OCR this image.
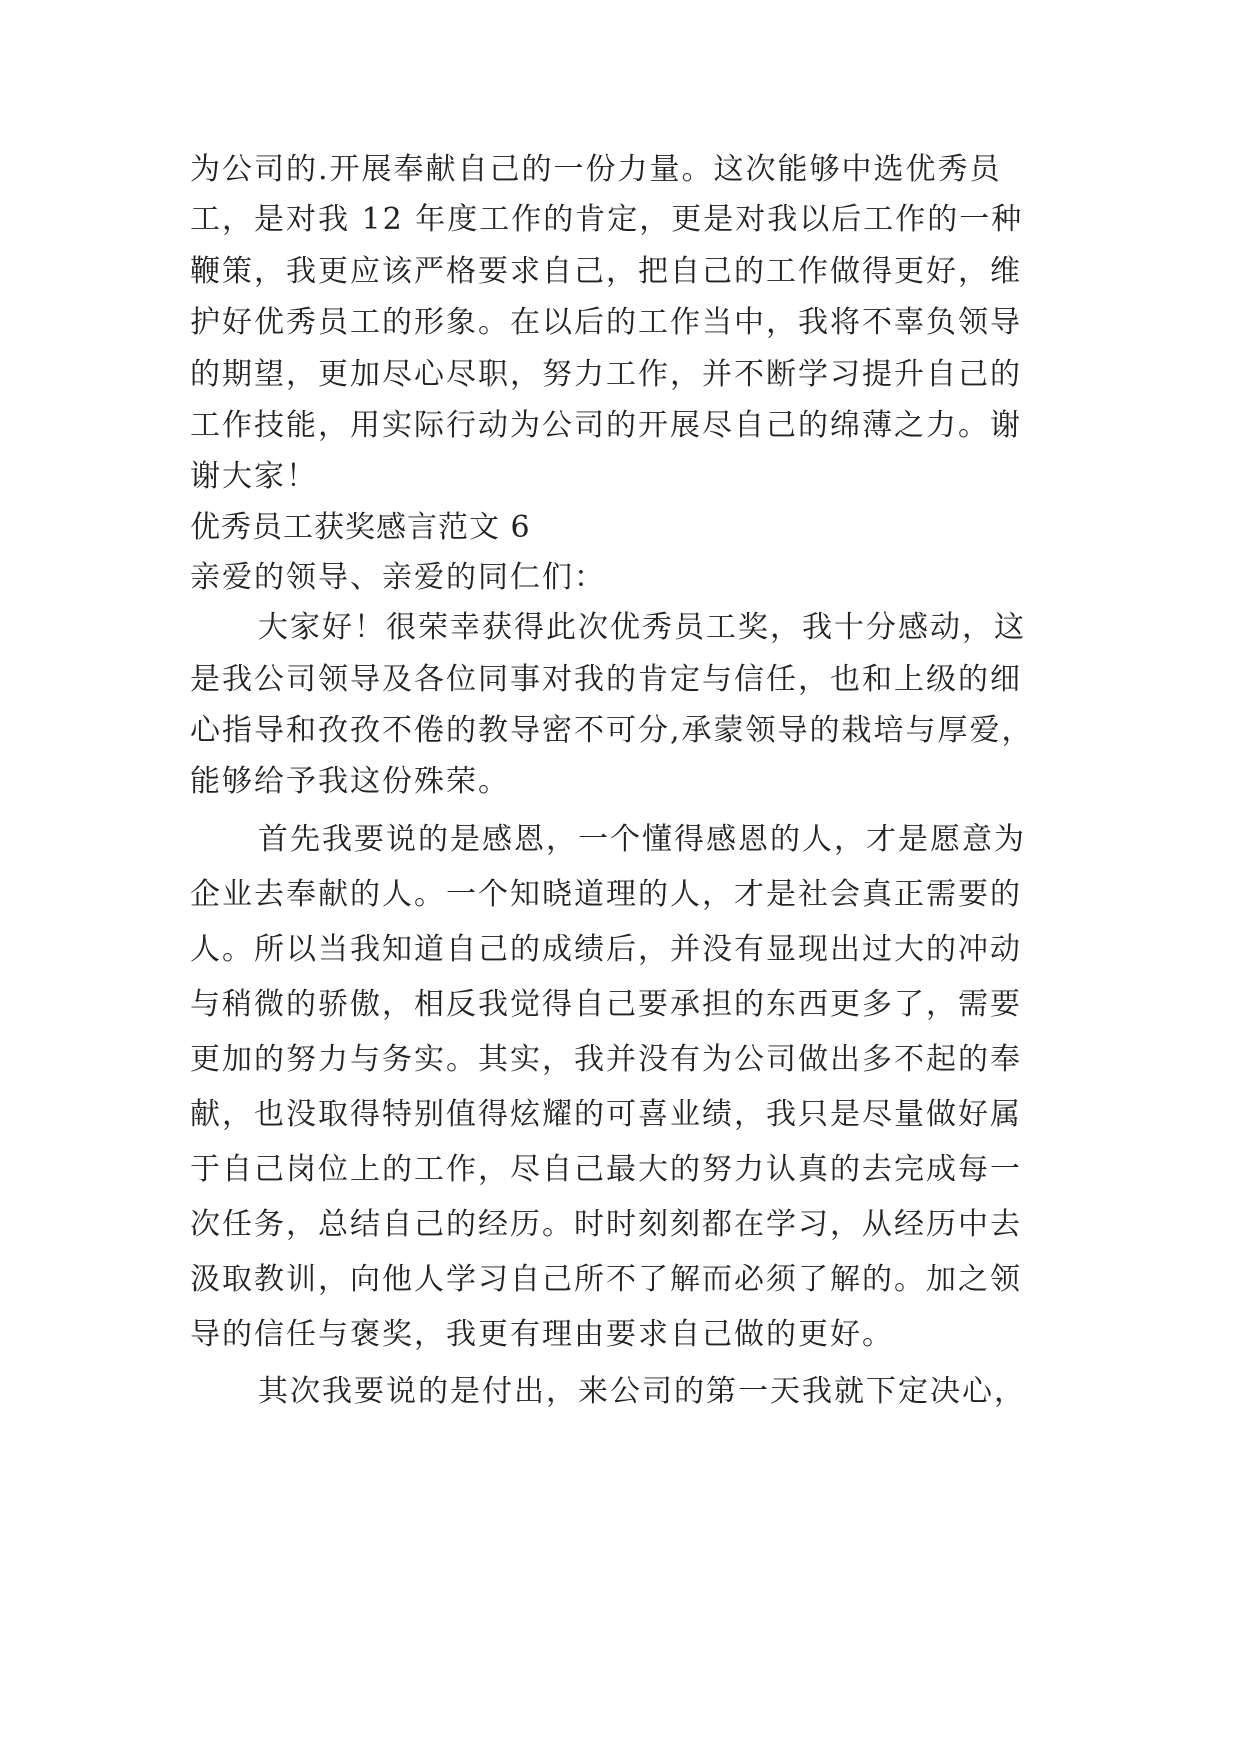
为公司的.开展奉献自己的一份力量。这次能够中选优秀员
工，是对我 12 年度工作的肯定，更是对我以后工作的一种
鞭策，我更应该严格要求自己，把自己的工作做得更好，维
护好优秀员工的形象。在以后的工作当中，我将不辜负领导
的期望，更加尽心尽职，努力工作，并不断学习提升自己的
工作技能，用实际行动为公司的开展尽自己的绵薄之力。谢
谢大家！
优秀员工获奖感言范文 6
亲爱的领导、亲爱的同仁们：
大家好！很荣幸获得此次优秀员工奖，我十分感动，这
是我公司领导及各位同事对我的肯定与信任，也和上级的细
心指导和孜孜不倦的教导密不可分,承蒙领导的栽培与厚爱，
能够给予我这份殊荣。
首先我要说的是感恩，一个懂得感恩的人，才是愿意为
企业去奉献的人。一个知晓道理的人，才是社会真正需要的
人。所以当我知道自己的成绩后，并没有显现出过大的冲动
与稍微的骄傲，相反我觉得自己要承担的东西更多了，需要
更加的努力与务实。其实，我并没有为公司做出多不起的奉
献，也没取得特别值得炫耀的可喜业绩，我只是尽量做好属
于自己岗位上的工作，尽自己最大的努力认真的去完成每一
次任务，总结自己的经历。时时刻刻都在学习，从经历中去
汲取教训，向他人学习自己所不了解而必须了解的。加之领
导的信任与褒奖，我更有理由要求自己做的更好。
其次我要说的是付出，来公司的第一天我就下定决心，
